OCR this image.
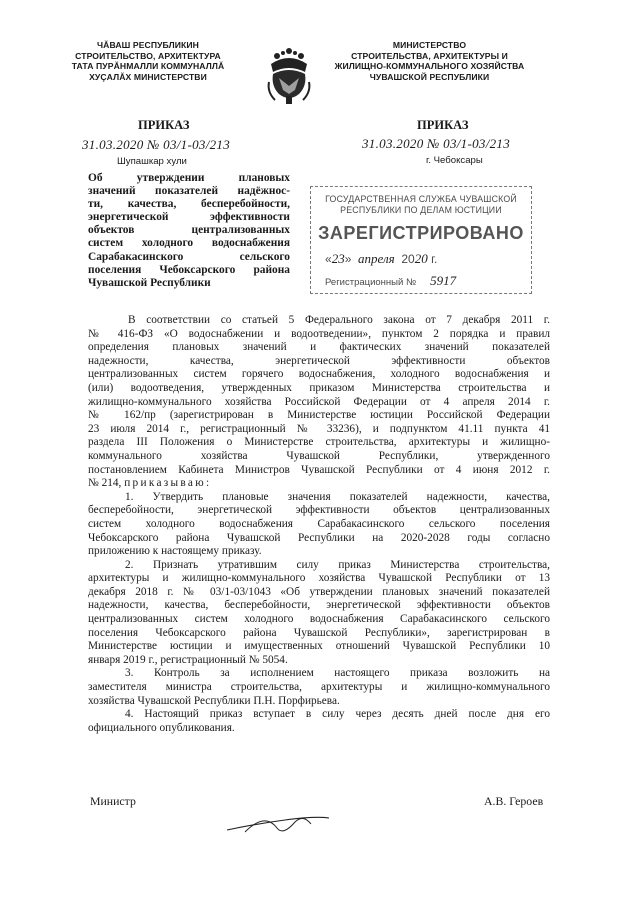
ЧĂВАШ РЕСПУБЛИКИН
СТРОИТЕЛЬСТВО, АРХИТЕКТУРА
ТАТА ПУРĂНМАЛЛИ КОММУНАЛЛĂ
ХУÇАЛĂХ МИНИСТЕРСТВИ
МИНИСТЕРСТВО
СТРОИТЕЛЬСТВА, АРХИТЕКТУРЫ И
ЖИЛИЩНО-КОММУНАЛЬНОГО ХОЗЯЙСТВА
ЧУВАШСКОЙ РЕСПУБЛИКИ
ПРИКАЗ	ПРИКАЗ
31.03.2020 № 03/1-03/213	31.03.2020 № 03/1-03/213
Шупашкар хули	г. Чебоксары
Об утверждении плановых
значений показателей надёжнос-
ти, качества, бесперебойности,
энергетической эффективности
объектов централизованных
систем холодного водоснабжения
Сарабакасинского сельского
поселения Чебоксарского района
Чувашской Республики
ГОСУДАРСТВЕННАЯ СЛУЖБА ЧУВАШСКОЙ
РЕСПУБЛИКИ ПО ДЕЛАМ ЮСТИЦИИ
ЗАРЕГИСТРИРОВАНО
«23»  апреля 2020 г.
Регистрационный № 5917
В соответствии со статьей 5 Федерального закона от 7 декабря 2011 г.
№ 416-ФЗ «О водоснабжении и водоотведении», пунктом 2 порядка и правил
определения плановых значений и фактических значений показателей
надежности, качества, энергетической эффективности объектов
централизованных систем горячего водоснабжения, холодного водоснабжения и
(или) водоотведения, утвержденных приказом Министерства строительства и
жилищно-коммунального хозяйства Российской Федерации от 4 апреля 2014 г.
№ 162/пр (зарегистрирован в Министерстве юстиции Российской Федерации
23 июля 2014 г., регистрационный № 33236), и подпунктом 41.11 пункта 41
раздела III Положения о Министерстве строительства, архитектуры и жилищно-
коммунального хозяйства Чувашской Республики, утвержденного
постановлением Кабинета Министров Чувашской Республики от 4 июня 2012 г.
№ 214, приказываю:
1. Утвердить плановые значения показателей надежности, качества,
бесперебойности, энергетической эффективности объектов централизованных
систем холодного водоснабжения Сарабакасинского сельского поселения
Чебоксарского района Чувашской Республики на 2020-2028 годы согласно
приложению к настоящему приказу.
2. Признать утратившим силу приказ Министерства строительства,
архитектуры и жилищно-коммунального хозяйства Чувашской Республики от 13
декабря 2018 г. № 03/1-03/1043 «Об утверждении плановых значений показателей
надежности, качества, бесперебойности, энергетической эффективности объектов
централизованных систем холодного водоснабжения Сарабакасинского сельского
поселения Чебоксарского района Чувашской Республики», зарегистрирован в
Министерстве юстиции и имущественных отношений Чувашской Республики 10
января 2019 г., регистрационный № 5054.
3. Контроль за исполнением настоящего приказа возложить на
заместителя министра строительства, архитектуры и жилищно-коммунального
хозяйства Чувашской Республики П.Н. Порфирьева.
4. Настоящий приказ вступает в силу через десять дней после дня его
официального опубликования.
Министр	А.В. Героев
